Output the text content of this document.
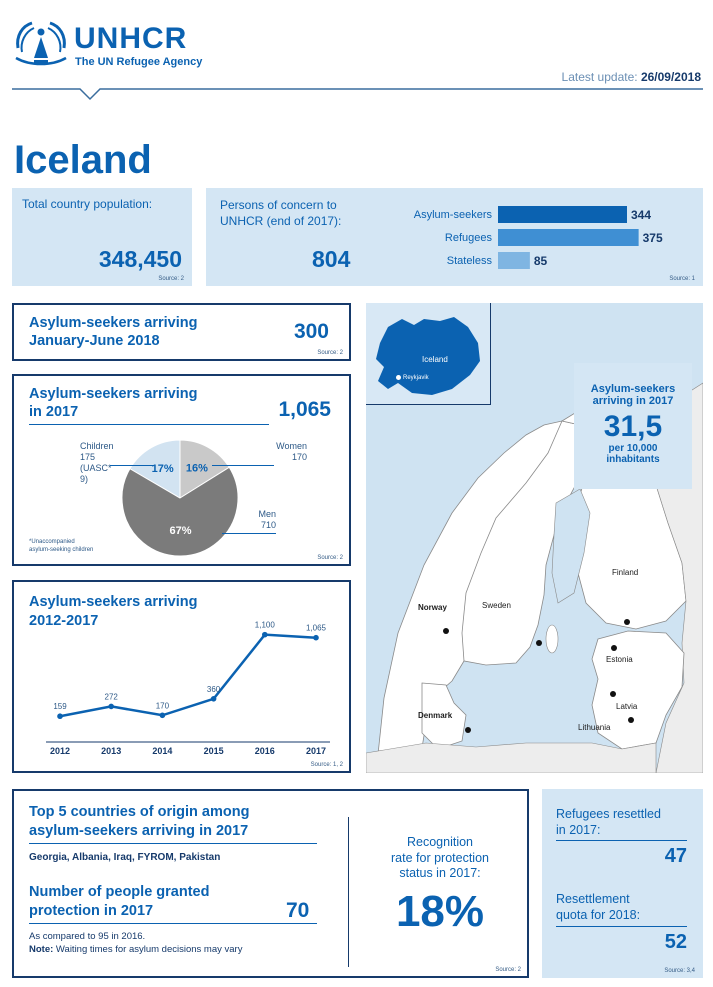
UNHCR
The UN Refugee Agency
Latest update: 26/09/2018
Iceland
Total country population:
348,450
Source: 2
Persons of concern to
UNHCR (end of 2017):
804
Asylum-seekers	344
Refugees	375
Stateless	85
Source: 1
Asylum-seekers arriving
January-June 2018	300
Source: 2
Asylum-seekers arriving
in 2017	1,065
17% 16%
67%
Children
175
(UASC*
9)
Women
170
Men
710
*Unaccompanied
asylum-seeking children
Source: 2
Asylum-seekers arriving
2012-2017
159
2012
272
2013
170
2014
360
2015
1,100
2016
1,065
2017
Source: 1, 2
Iceland
Reykjavik
Asylum-seekers
arriving in 2017
31,5
per 10,000
inhabitants
Norway	Sweden
Finland
Estonia
Latvia
Lithuania
Denmark
Top 5 countries of origin among
asylum-seekers arriving in 2017
Georgia, Albania, Iraq, FYROM, Pakistan
Number of people granted
protection in 2017	70
As compared to 95 in 2016.
Note: Waiting times for asylum decisions may vary
Recognition
rate for protection
status in 2017:
18%
Source: 2
Refugees resettled
in 2017:
47
Resettlement
quota for 2018:
52
Source: 3,4
